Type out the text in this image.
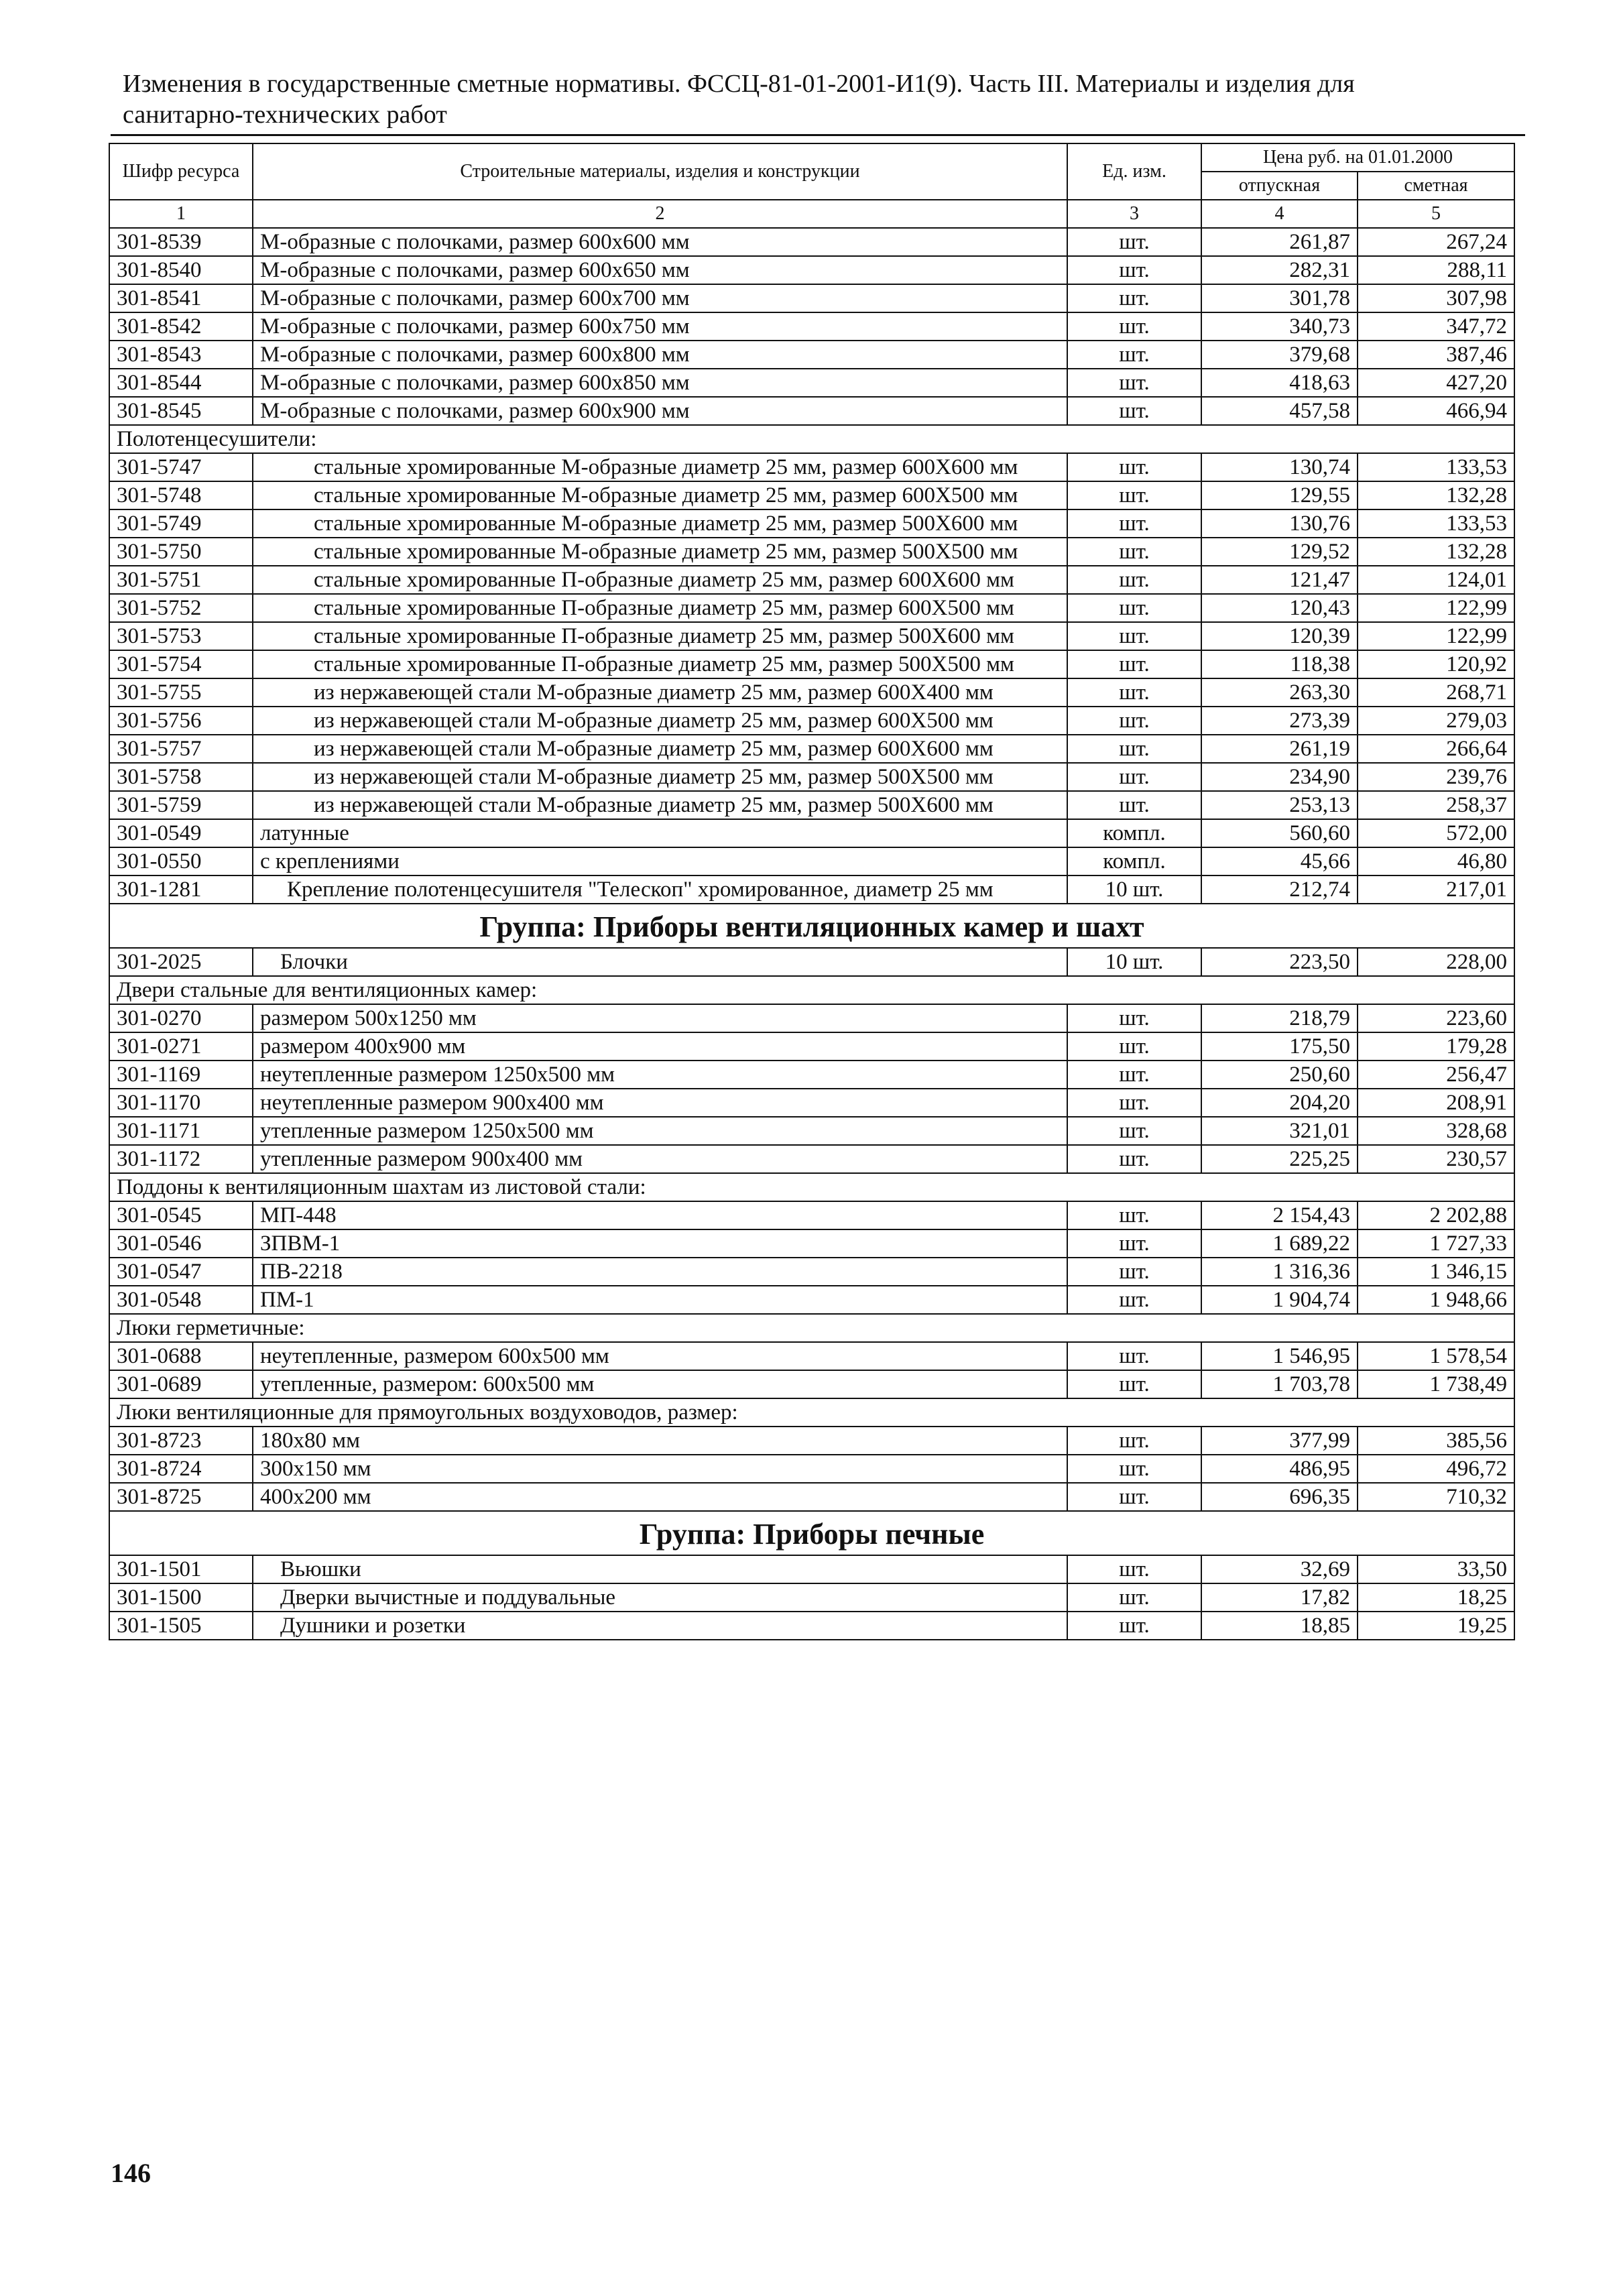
Изменения в государственные сметные нормативы. ФССЦ-81-01-2001-И1(9). Часть III. Материалы и изделия для
санитарно-технических работ
Шифр ресурса	Строительные материалы, изделия и конструкции	Ед. изм.	Цена руб. на 01.01.2000	
			отпускная	сметная
1	2	3	4	5
301-8539	М-образные с полочками, размер 600х600 мм	шт.	261,87	267,24
301-8540	М-образные с полочками, размер 600х650 мм	шт.	282,31	288,11
301-8541	М-образные с полочками, размер 600х700 мм	шт.	301,78	307,98
301-8542	М-образные с полочками, размер 600х750 мм	шт.	340,73	347,72
301-8543	М-образные с полочками, размер 600х800 мм	шт.	379,68	387,46
301-8544	М-образные с полочками, размер 600х850 мм	шт.	418,63	427,20
301-8545	М-образные с полочками, размер 600х900 мм	шт.	457,58	466,94
Полотенцесушители:				
301-5747	стальные хромированные М-образные диаметр 25 мм, размер 600Х600 мм	шт.	130,74	133,53
301-5748	стальные хромированные М-образные диаметр 25 мм, размер 600Х500 мм	шт.	129,55	132,28
301-5749	стальные хромированные М-образные диаметр 25 мм, размер 500Х600 мм	шт.	130,76	133,53
301-5750	стальные хромированные М-образные диаметр 25 мм, размер 500Х500 мм	шт.	129,52	132,28
301-5751	стальные хромированные П-образные диаметр 25 мм, размер 600Х600 мм	шт.	121,47	124,01
301-5752	стальные хромированные П-образные диаметр 25 мм, размер 600Х500 мм	шт.	120,43	122,99
301-5753	стальные хромированные П-образные диаметр 25 мм, размер 500Х600 мм	шт.	120,39	122,99
301-5754	стальные хромированные П-образные диаметр 25 мм, размер 500Х500 мм	шт.	118,38	120,92
301-5755	из нержавеющей стали М-образные диаметр 25 мм, размер 600Х400 мм	шт.	263,30	268,71
301-5756	из нержавеющей стали М-образные диаметр 25 мм, размер 600Х500 мм	шт.	273,39	279,03
301-5757	из нержавеющей стали М-образные диаметр 25 мм, размер 600Х600 мм	шт.	261,19	266,64
301-5758	из нержавеющей стали М-образные диаметр 25 мм, размер 500Х500 мм	шт.	234,90	239,76
301-5759	из нержавеющей стали М-образные диаметр 25 мм, размер 500Х600 мм	шт.	253,13	258,37
301-0549	латунные	компл.	560,60	572,00
301-0550	с креплениями	компл.	45,66	46,80
301-1281	Крепление полотенцесушителя "Телескоп" хромированное, диаметр 25 мм	10 шт.	212,74	217,01
Группа: Приборы вентиляционных камер и шахт				
301-2025	Блочки	10 шт.	223,50	228,00
Двери стальные для вентиляционных камер:				
301-0270	размером 500х1250 мм	шт.	218,79	223,60
301-0271	размером 400х900 мм	шт.	175,50	179,28
301-1169	неутепленные размером 1250х500 мм	шт.	250,60	256,47
301-1170	неутепленные размером 900х400 мм	шт.	204,20	208,91
301-1171	утепленные размером 1250х500 мм	шт.	321,01	328,68
301-1172	утепленные размером 900х400 мм	шт.	225,25	230,57
Поддоны к вентиляционным шахтам из листовой стали:				
301-0545	МП-448	шт.	2 154,43	2 202,88
301-0546	ЗПВМ-1	шт.	1 689,22	1 727,33
301-0547	ПВ-2218	шт.	1 316,36	1 346,15
301-0548	ПМ-1	шт.	1 904,74	1 948,66
Люки герметичные:				
301-0688	неутепленные, размером 600х500 мм	шт.	1 546,95	1 578,54
301-0689	утепленные, размером: 600х500 мм	шт.	1 703,78	1 738,49
Люки вентиляционные для прямоугольных воздуховодов, размер:				
301-8723	180х80 мм	шт.	377,99	385,56
301-8724	300х150 мм	шт.	486,95	496,72
301-8725	400х200 мм	шт.	696,35	710,32
Группа: Приборы печные				
301-1501	Вьюшки	шт.	32,69	33,50
301-1500	Дверки вычистные и поддувальные	шт.	17,82	18,25
301-1505	Душники и розетки	шт.	18,85	19,25
146
